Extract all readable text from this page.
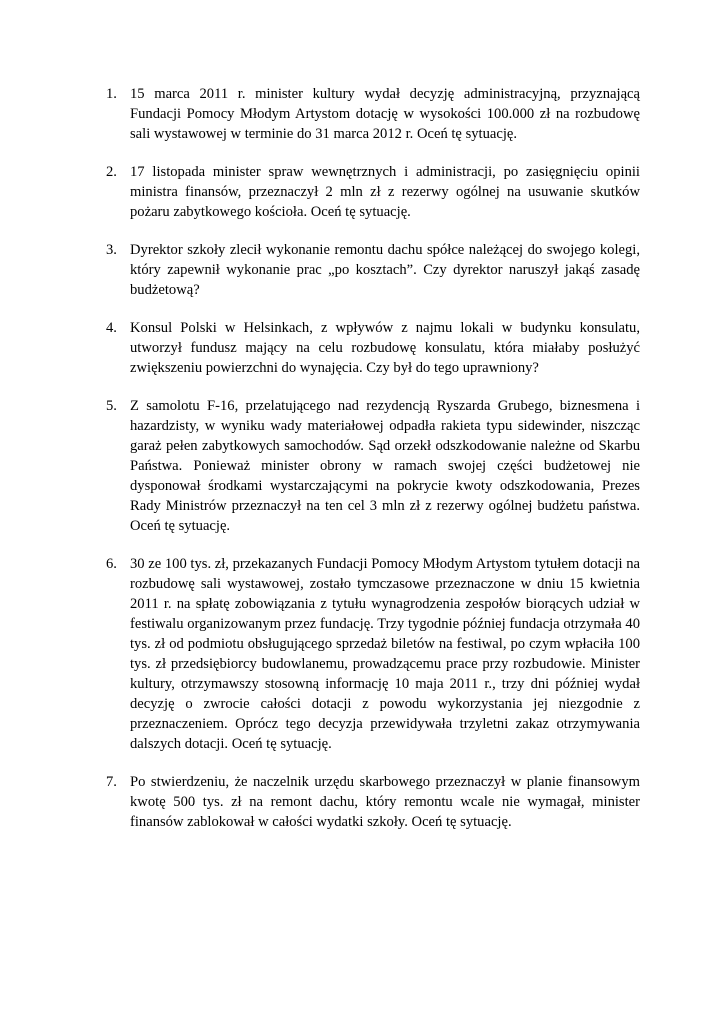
1. 15 marca 2011 r. minister kultury wydał decyzję administracyjną, przyznającą Fundacji Pomocy Młodym Artystom dotację w wysokości 100.000 zł na rozbudowę sali wystawowej w terminie do 31 marca 2012 r. Oceń tę sytuację.
2. 17 listopada minister spraw wewnętrznych i administracji, po zasięgnięciu opinii ministra finansów, przeznaczył 2 mln zł z rezerwy ogólnej na usuwanie skutków pożaru zabytkowego kościoła. Oceń tę sytuację.
3. Dyrektor szkoły zlecił wykonanie remontu dachu spółce należącej do swojego kolegi, który zapewnił wykonanie prac „po kosztach”. Czy dyrektor naruszył jakąś zasadę budżetową?
4. Konsul Polski w Helsinkach, z wpływów z najmu lokali w budynku konsulatu, utworzył fundusz mający na celu rozbudowę konsulatu, która miałaby posłużyć zwiększeniu powierzchni do wynajęcia. Czy był do tego uprawniony?
5. Z samolotu F-16, przelatującego nad rezydencją Ryszarda Grubego, biznesmena i hazardzisty, w wyniku wady materiałowej odpadła rakieta typu sidewinder, niszcząc garaż pełen zabytkowych samochodów. Sąd orzekł odszkodowanie należne od Skarbu Państwa. Ponieważ minister obrony w ramach swojej części budżetowej nie dysponował środkami wystarczającymi na pokrycie kwoty odszkodowania, Prezes Rady Ministrów przeznaczył na ten cel 3 mln zł z rezerwy ogólnej budżetu państwa. Oceń tę sytuację.
6. 30 ze 100 tys. zł, przekazanych Fundacji Pomocy Młodym Artystom tytułem dotacji na rozbudowę sali wystawowej, zostało tymczasowe przeznaczone w dniu 15 kwietnia 2011 r. na spłatę zobowiązania z tytułu wynagrodzenia zespołów biorących udział w festiwalu organizowanym przez fundację. Trzy tygodnie później fundacja otrzymała 40 tys. zł od podmiotu obsługującego sprzedaż biletów na festiwal, po czym wpłaciła 100 tys. zł przedsiębiorcy budowlanemu, prowadzącemu prace przy rozbudowie. Minister kultury, otrzymawszy stosowną informację 10 maja 2011 r., trzy dni później wydał decyzję o zwrocie całości dotacji z powodu wykorzystania jej niezgodnie z przeznaczeniem. Oprócz tego decyzja przewidywała trzyletni zakaz otrzymywania dalszych dotacji. Oceń tę sytuację.
7. Po stwierdzeniu, że naczelnik urzędu skarbowego przeznaczył w planie finansowym kwotę 500 tys. zł na remont dachu, który remontu wcale nie wymagał, minister finansów zablokował w całości wydatki szkoły. Oceń tę sytuację.
